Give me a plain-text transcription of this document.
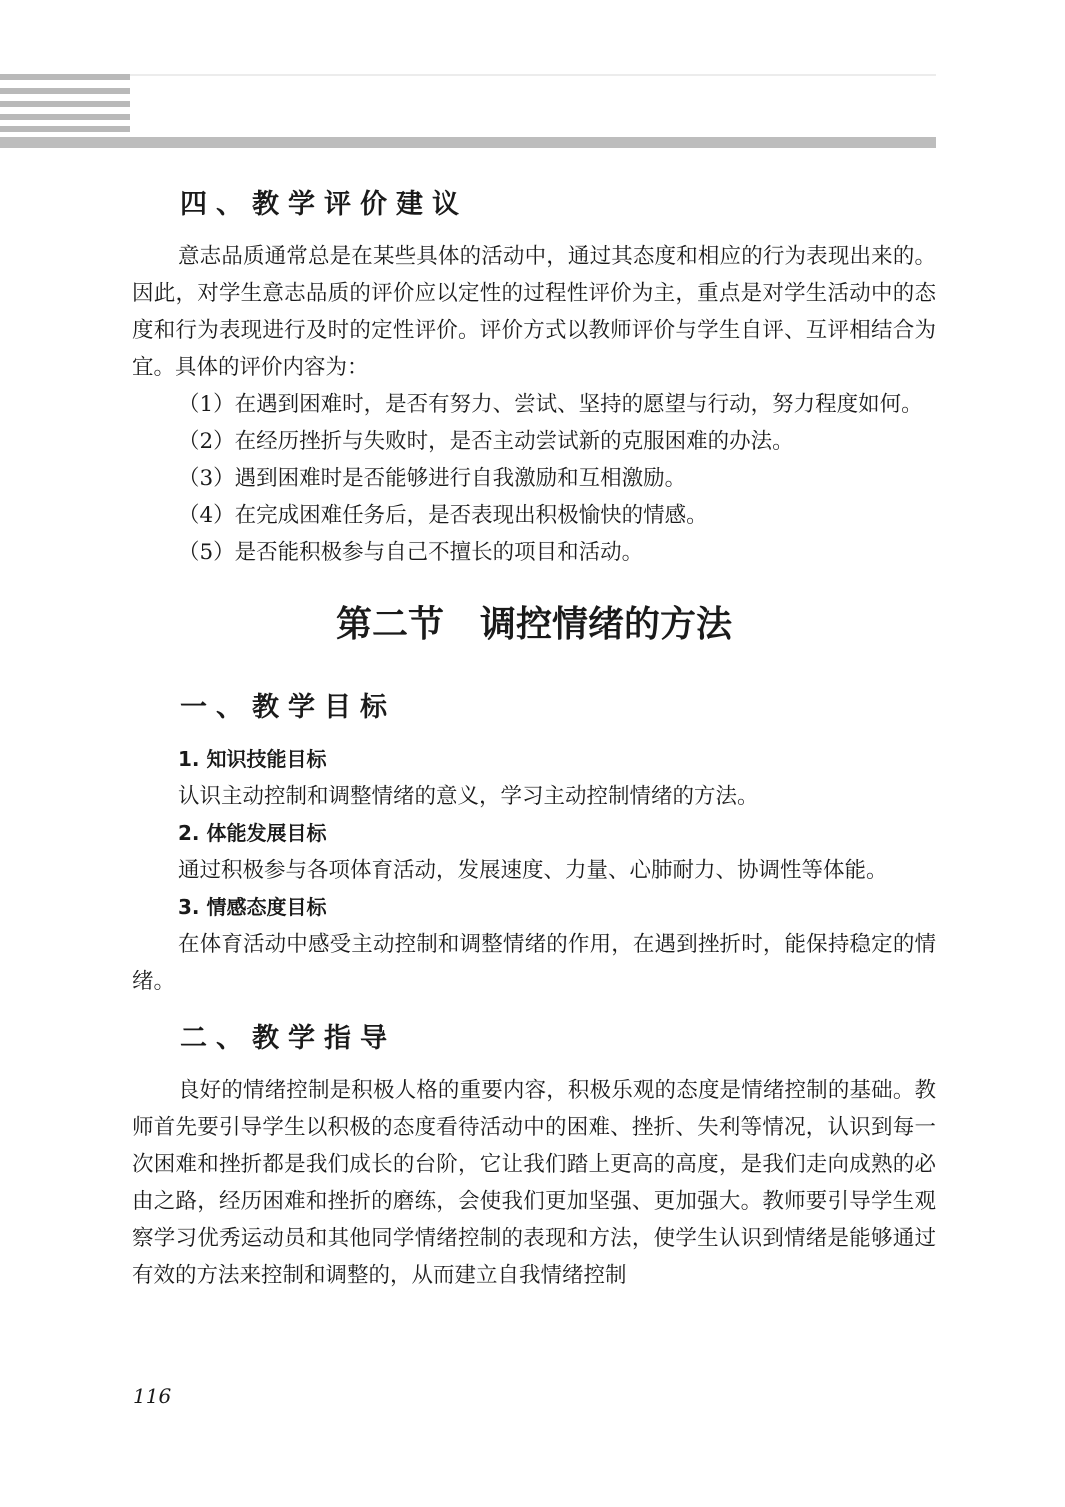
四、教学评价建议

意志品质通常总是在某些具体的活动中，通过其态度和相应的行为表现出来的。因此，对学生意志品质的评价应以定性的过程性评价为主，重点是对学生活动中的态度和行为表现进行及时的定性评价。评价方式以教师评价与学生自评、互评相结合为宜。具体的评价内容为：

（1）在遇到困难时，是否有努力、尝试、坚持的愿望与行动，努力程度如何。

（2）在经历挫折与失败时，是否主动尝试新的克服困难的办法。

（3）遇到困难时是否能够进行自我激励和互相激励。

（4）在完成困难任务后，是否表现出积极愉快的情感。

（5）是否能积极参与自己不擅长的项目和活动。

第二节　调控情绪的方法
一、教学目标
1. 知识技能目标

认识主动控制和调整情绪的意义，学习主动控制情绪的方法。

2. 体能发展目标

通过积极参与各项体育活动，发展速度、力量、心肺耐力、协调性等体能。

3. 情感态度目标

在体育活动中感受主动控制和调整情绪的作用，在遇到挫折时，能保持稳定的情绪。

二、教学指导

良好的情绪控制是积极人格的重要内容，积极乐观的态度是情绪控制的基础。教师首先要引导学生以积极的态度看待活动中的困难、挫折、失利等情况，认识到每一次困难和挫折都是我们成长的台阶，它让我们踏上更高的高度，是我们走向成熟的必由之路，经历困难和挫折的磨练，会使我们更加坚强、更加强大。教师要引导学生观察学习优秀运动员和其他同学情绪控制的表现和方法，使学生认识到情绪是能够通过有效的方法来控制和调整的，从而建立自我情绪控制

116
